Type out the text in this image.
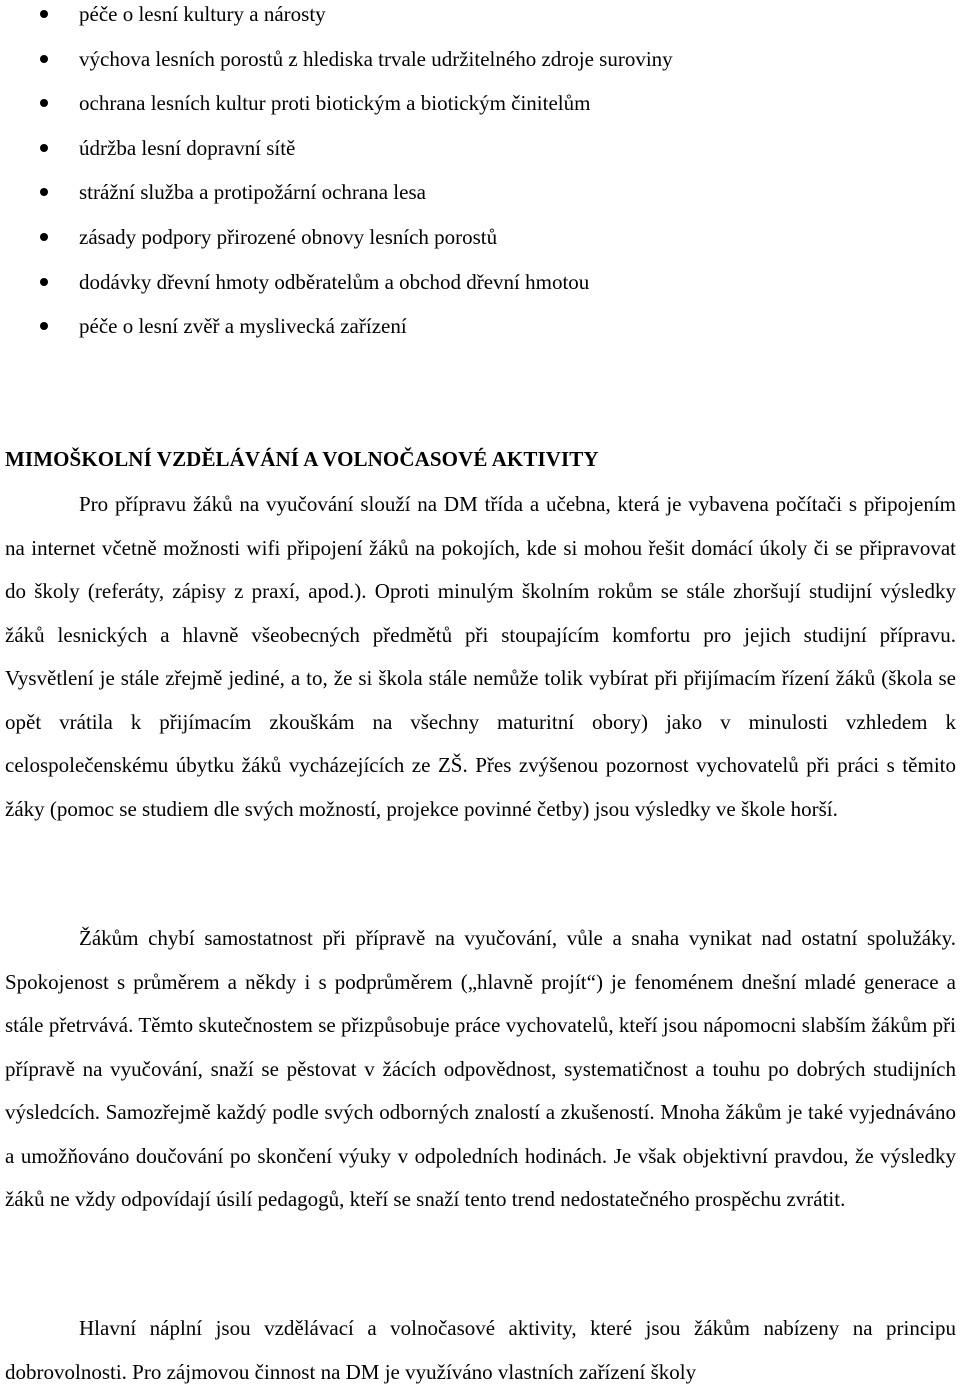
péče o lesní kultury a nárosty
výchova lesních porostů z hlediska trvale udržitelného zdroje suroviny
ochrana lesních kultur proti biotickým a biotickým činitelům
údržba lesní dopravní sítě
strážní služba a protipožární ochrana lesa
zásady podpory přirozené obnovy lesních porostů
dodávky dřevní hmoty odběratelům a obchod dřevní hmotou
péče o lesní zvěř a myslivecká zařízení
MIMOŠKOLNÍ VZDĚLÁVÁNÍ A VOLNOČASOVÉ AKTIVITY

Pro přípravu žáků na vyučování slouží na DM třída a učebna, která je vybavena počítači s připojením na internet včetně možnosti wifi připojení žáků na pokojích, kde si mohou řešit domácí úkoly či se připravovat do školy (referáty, zápisy z praxí, apod.). Oproti minulým školním rokům se stále zhoršují studijní výsledky žáků lesnických a hlavně všeobecných předmětů při stoupajícím komfortu pro jejich studijní přípravu. Vysvětlení je stále zřejmě jediné, a to, že si škola stále nemůže tolik vybírat při přijímacím řízení žáků (škola se opět vrátila k přijímacím zkouškám na všechny maturitní obory) jako v minulosti vzhledem k celospolečenskému úbytku žáků vycházejících ze ZŠ. Přes zvýšenou pozornost vychovatelů při práci s těmito žáky (pomoc se studiem dle svých možností, projekce povinné četby) jsou výsledky ve škole horší.

Žákům chybí samostatnost při přípravě na vyučování, vůle a snaha vynikat nad ostatní spolužáky. Spokojenost s průměrem a někdy i s podprůměrem („hlavně projít“) je fenoménem dnešní mladé generace a stále přetrvává. Těmto skutečnostem se přizpůsobuje práce vychovatelů, kteří jsou nápomocni slabším žákům při přípravě na vyučování, snaží se pěstovat v žácích odpovědnost, systematičnost a touhu po dobrých studijních výsledcích. Samozřejmě každý podle svých odborných znalostí a zkušeností. Mnoha žákům je také vyjednáváno a umožňováno doučování po skončení výuky v odpoledních hodinách. Je však objektivní pravdou, že výsledky žáků ne vždy odpovídají úsilí pedagogů, kteří se snaží tento trend nedostatečného prospěchu zvrátit.

Hlavní náplní jsou vzdělávací a volnočasové aktivity, které jsou žákům nabízeny na principu dobrovolnosti. Pro zájmovou činnost na DM je využíváno vlastních zařízení školy
